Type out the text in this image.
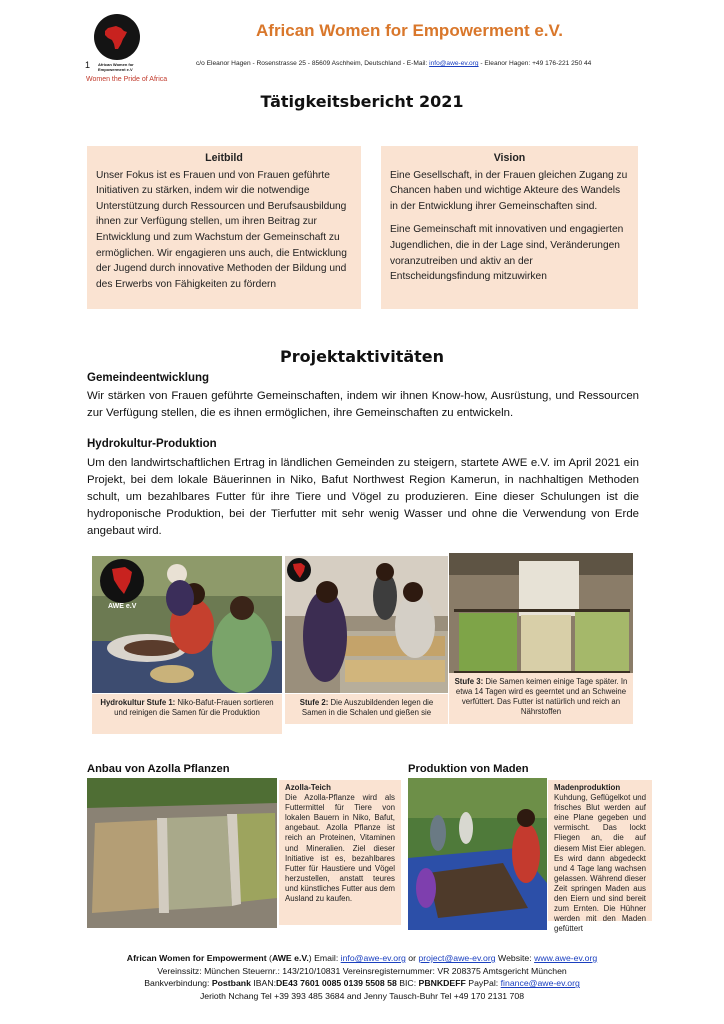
1 African Women for Empowerment e.V
Women the Pride of Africa
African Women for Empowerment e.V.
c/o Eleanor Hagen - Rosenstrasse 25 - 85609 Aschheim, Deutschland - E-Mail: info@awe-ev.org - Eleanor Hagen: +49 176-221 250 44
Tätigkeitsbericht 2021
Leitbild

Unser Fokus ist es Frauen und von Frauen geführte Initiativen zu stärken, indem wir die notwendige Unterstützung durch Ressourcen und Berufsausbildung ihnen zur Verfügung stellen, um ihren Beitrag zur Entwicklung und zum Wachstum der Gemeinschaft zu ermöglichen. Wir engagieren uns auch, die Entwicklung der Jugend durch innovative Methoden der Bildung und des Erwerbs von Fähigkeiten zu fördern

Vision

Eine Gesellschaft, in der Frauen gleichen Zugang zu Chancen haben und wichtige Akteure des Wandels in der Entwicklung ihrer Gemeinschaften sind.

Eine Gemeinschaft mit innovativen und engagierten Jugendlichen, die in der Lage sind, Veränderungen voranzutreiben und aktiv an der Entscheidungsfindung mitzuwirken

Projektaktivitäten
Gemeindeentwicklung
Wir stärken von Frauen geführte Gemeinschaften, indem wir ihnen Know-how, Ausrüstung, und Ressourcen zur Verfügung stellen, die es ihnen ermöglichen, ihre Gemeinschaften zu entwickeln.
Hydrokultur-Produktion
Um den landwirtschaftlichen Ertrag in ländlichen Gemeinden zu steigern, startete AWE e.V. im April 2021 ein Projekt, bei dem lokale Bäuerinnen in Niko, Bafut Northwest Region Kamerun, in nachhaltigen Methoden schult, um bezahlbares Futter für ihre Tiere und Vögel zu produzieren. Eine dieser Schulungen ist die hydroponische Produktion, bei der Tierfutter mit sehr wenig Wasser und ohne die Verwendung von Erde angebaut wird.
AWE e.V
Hydrokultur Stufe 1: Niko-Bafut-Frauen sortieren und reinigen die Samen für die Produktion
Stufe 2: Die Auszubildenden legen die Samen in die Schalen und gießen sie
Stufe 3: Die Samen keimen einige Tage später. In etwa 14 Tagen wird es geerntet und an Schweine verfüttert. Das Futter ist natürlich und reich an Nährstoffen
Anbau von Azolla Pflanzen
Azolla-Teich
Die Azolla-Pflanze wird als Futtermittel für Tiere von lokalen Bauern in Niko, Bafut, angebaut. Azolla Pflanze ist reich an Proteinen, Vitaminen und Mineralien. Ziel dieser Initiative ist es, bezahlbares Futter für Haustiere und Vögel herzustellen, anstatt teures und künstliches Futter aus dem Ausland zu kaufen.
Produktion von Maden
Madenproduktion
Kuhdung, Geflügelkot und frisches Blut werden auf eine Plane gegeben und vermischt. Das lockt Fliegen an, die auf diesem Mist Eier ablegen. Es wird dann abgedeckt und 4 Tage lang wachsen gelassen. Während dieser Zeit springen Maden aus den Eiern und sind bereit zum Ernten. Die Hühner werden mit den Maden gefüttert
African Women for Empowerment (AWE e.V.) Email: info@awe-ev.org or project@awe-ev.org Website: www.awe-ev.org
Vereinssitz: München Steuernr.: 143/210/10831 Vereinsregisternummer: VR 208375 Amtsgericht München
Bankverbindung: Postbank IBAN:DE43 7601 0085 0139 5508 58 BIC: PBNKDEFF PayPal: finance@awe-ev.org
Jerioth Nchang Tel +39 393 485 3684 and Jenny Tausch-Buhr Tel +49 170 2131 708
